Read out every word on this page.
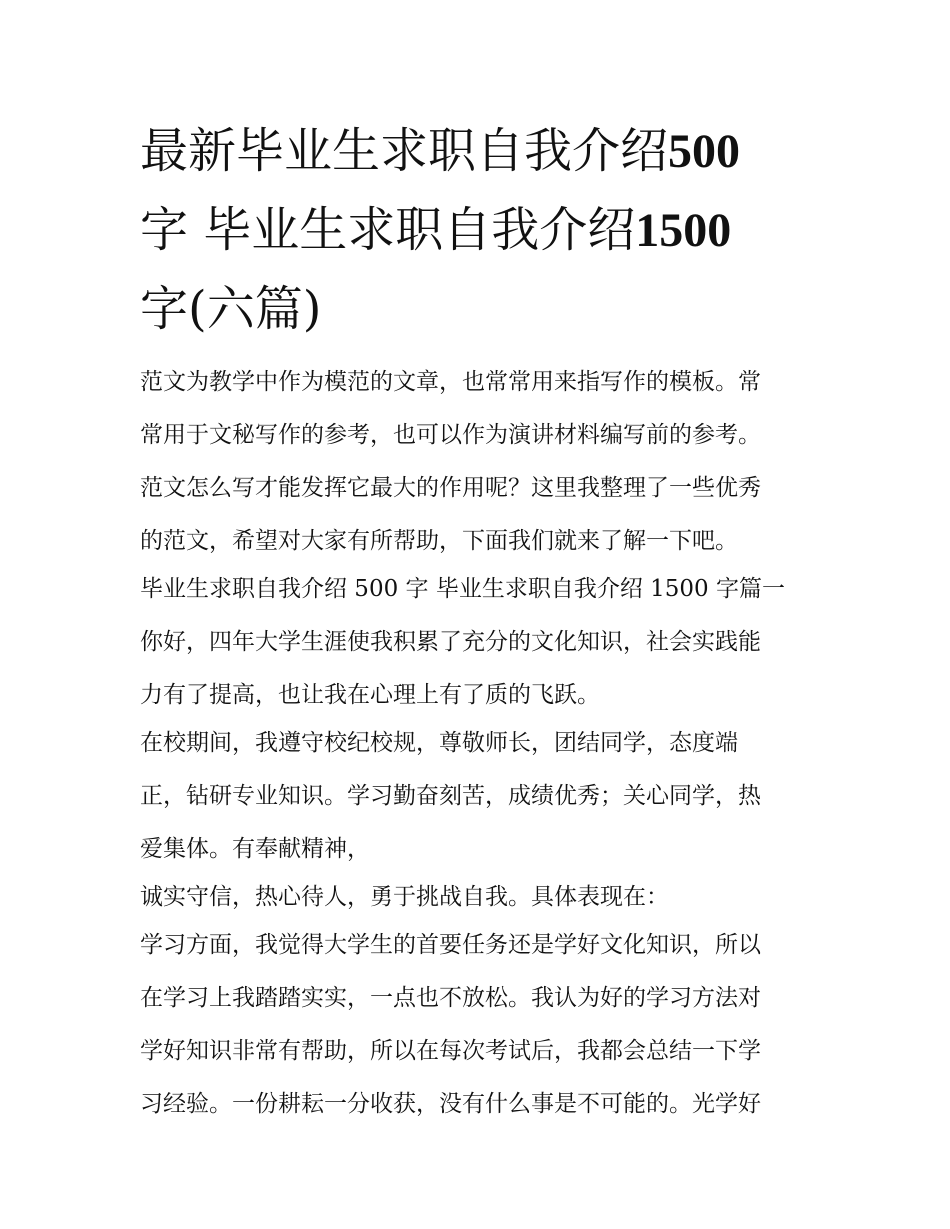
最新毕业生求职自我介绍500
字 毕业生求职自我介绍1500
字(六篇)
范文为教学中作为模范的文章，也常常用来指写作的模板。常
常用于文秘写作的参考，也可以作为演讲材料编写前的参考。
范文怎么写才能发挥它最大的作用呢？这里我整理了一些优秀
的范文，希望对大家有所帮助，下面我们就来了解一下吧。
毕业生求职自我介绍 500 字 毕业生求职自我介绍 1500 字篇一
你好，四年大学生涯使我积累了充分的文化知识，社会实践能
力有了提高，也让我在心理上有了质的飞跃。
在校期间，我遵守校纪校规，尊敬师长，团结同学，态度端
正，钻研专业知识。学习勤奋刻苦，成绩优秀；关心同学，热
爱集体。有奉献精神，
诚实守信，热心待人，勇于挑战自我。具体表现在：
学习方面，我觉得大学生的首要任务还是学好文化知识，所以
在学习上我踏踏实实，一点也不放松。我认为好的学习方法对
学好知识非常有帮助，所以在每次考试后，我都会总结一下学
习经验。一份耕耘一分收获，没有什么事是不可能的。光学好
